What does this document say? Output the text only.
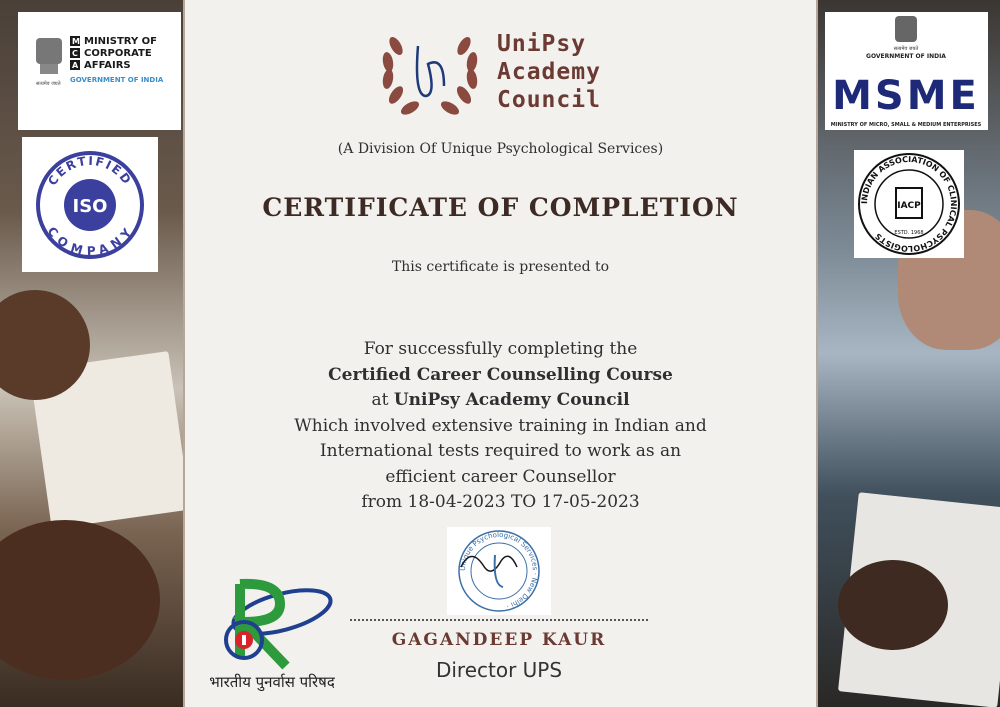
सत्यमेव जयते
M
C
A
MINISTRY OF
CORPORATE
AFFAIRS
GOVERNMENT OF INDIA
CERTIFIED
COMPANY
ISO
सत्यमेव जयते
GOVERNMENT OF INDIA
MSME
MINISTRY OF MICRO, SMALL & MEDIUM ENTERPRISES
INDIAN ASSOCIATION OF CLINICAL PSYCHOLOGISTS
IACP
ESTD. 1968
UniPsy
Academy
Council
(A Division Of Unique Psychological Services)
CERTIFICATE OF COMPLETION
This certificate is presented to
For successfully completing the
Certified Career Counselling Course
at UniPsy Academy Council
Which involved extensive training in Indian and
International tests required to work as an
efficient career Counsellor
from 18-04-2023 TO 17-05-2023
Unique Psychological Services · New Delhi ·
GAGANDEEP KAUR
Director UPS
भारतीय पुनर्वास परिषद
